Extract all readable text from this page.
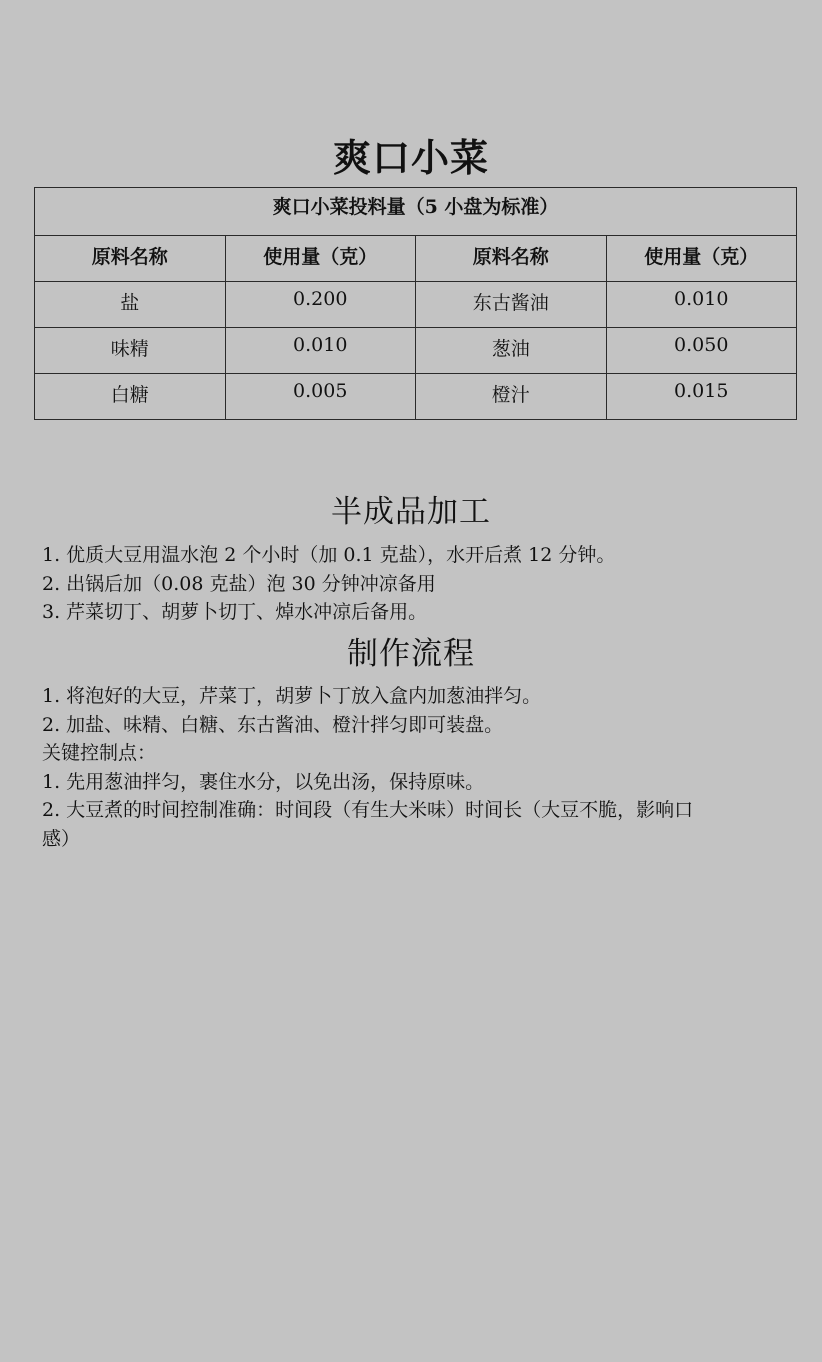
爽口小菜
爽口小菜投料量（5 小盘为标准）			
原料名称	使用量（克）	原料名称	使用量（克）
盐	0.200	东古酱油	0.010
味精	0.010	葱油	0.050
白糖	0.005	橙汁	0.015
半成品加工
1. 优质大豆用温水泡 2 个小时（加 0.1 克盐），水开后煮 12 分钟。
2. 出锅后加（0.08 克盐）泡 30 分钟冲凉备用
3. 芹菜切丁、胡萝卜切丁、焯水冲凉后备用。
制作流程
1. 将泡好的大豆，芹菜丁，胡萝卜丁放入盒内加葱油拌匀。
2. 加盐、味精、白糖、东古酱油、橙汁拌匀即可装盘。
关键控制点：
1. 先用葱油拌匀，裹住水分，以免出汤，保持原味。
2. 大豆煮的时间控制准确：时间段（有生大米味）时间长（大豆不脆，影响口
感）
